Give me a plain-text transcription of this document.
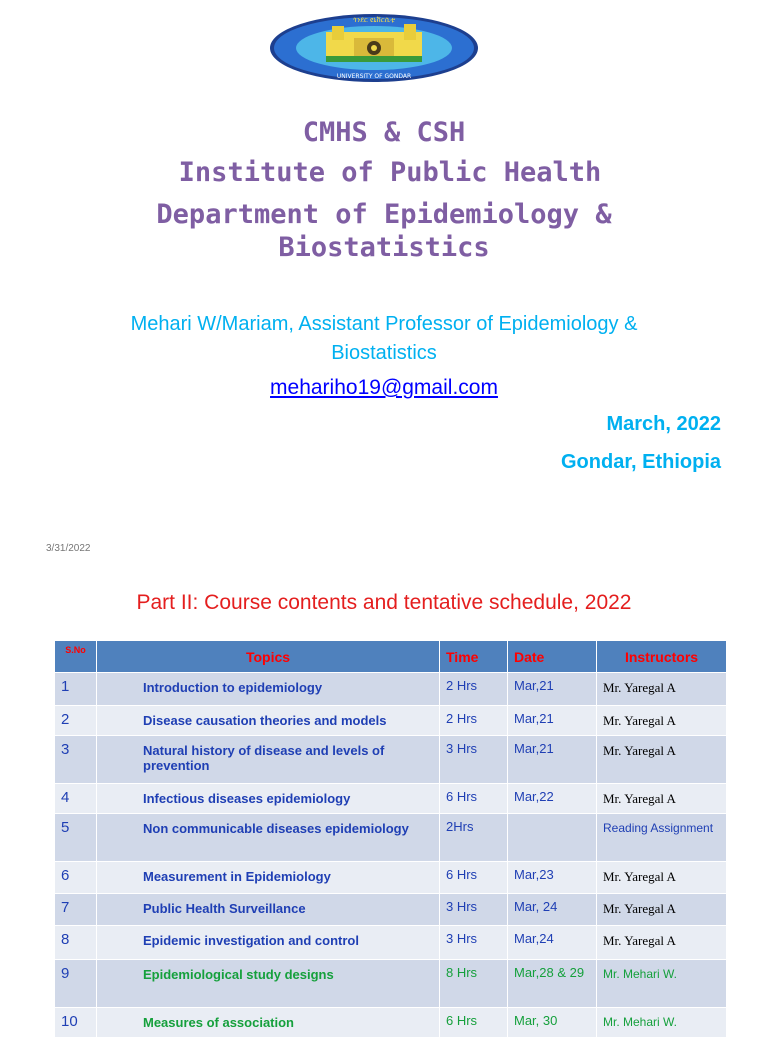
ጎንደር ዩኒቨርሲቲ
UNIVERSITY OF GONDAR
CMHS & CSH
Institute of Public Health
Department of Epidemiology &
Biostatistics
Mehari W/Mariam, Assistant Professor of Epidemiology &
Biostatistics
mehariho19@gmail.com
March, 2022
Gondar, Ethiopia
3/31/2022
Part II: Course contents and tentative schedule, 2022
S.No	Topics	Time	Date	Instructors
1	Introduction to epidemiology	2 Hrs	Mar,21	Mr. Yaregal A
2	Disease causation theories and models	2 Hrs	Mar,21	Mr. Yaregal A
3	Natural history of disease and levels of prevention	3 Hrs	Mar,21	Mr. Yaregal A
4	Infectious diseases epidemiology	6 Hrs	Mar,22	Mr. Yaregal A
5	Non communicable diseases epidemiology	2Hrs		Reading Assignment
6	Measurement in Epidemiology	6 Hrs	Mar,23	Mr. Yaregal A
7	Public Health Surveillance	3 Hrs	Mar, 24	Mr. Yaregal A
8	Epidemic investigation and control	3 Hrs	Mar,24	Mr. Yaregal A
9	Epidemiological study designs	8 Hrs	Mar,28 & 29	Mr. Mehari W.
10	Measures of association	6 Hrs	Mar, 30	Mr. Mehari W.
